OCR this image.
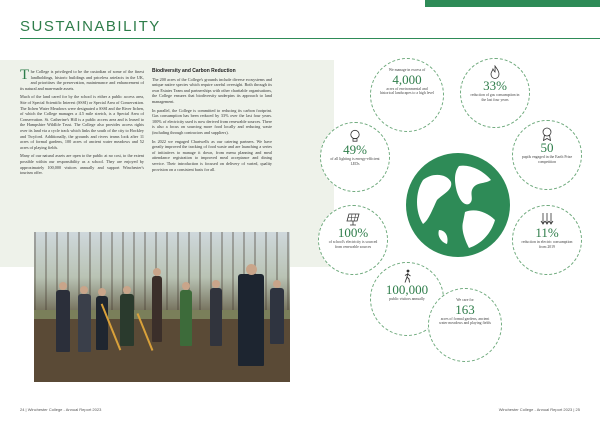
SUSTAINABILITY

The College is privileged to be the custodian of some of the finest landholdings, historic buildings and priceless artefacts in the UK, and prioritises the preservation, maintenance and enhancement of its natural and man-made assets.

Much of the land cared for by the school is either a public access area, Site of Special Scientific Interest (SSSI) or Special Area of Conservation. The Itchen Water Meadows were designated a SSSI and the River Itchen, of which the College manages a 4.5 mile stretch, is a Special Area of Conservation. St. Catherine's Hill is a public access area and is leased to the Hampshire Wildlife Trust. The College also provides access rights over its land via a cycle track which links the south of the city to Hockley and Twyford. Additionally, the grounds and rivers teams look after 11 acres of formal gardens, 100 acres of ancient water meadows and 52 acres of playing fields.

Many of our natural assets are open to the public at no cost, to the extent possible within our responsibility as a school. They are enjoyed by approximately 100,000 visitors annually and support Winchester's tourism offer.

Biodiversity and Carbon Reduction

The 200 acres of the College's grounds include diverse ecosystems and unique native species which require careful oversight. Both through its own Estates Team and partnerships with other charitable organisations, the College ensures that biodiversity underpins its approach to land management.

In parallel, the College is committed to reducing its carbon footprint. Gas consumption has been reduced by 33% over the last four years. 100% of electricity used is now derived from renewable sources. There is also a focus on sourcing more food locally and reducing waste (including through contractors and suppliers).

In 2022 we engaged Chartwells as our catering partners. We have greatly improved the tracking of food waste and are launching a series of initiatives to manage it down, from menu planning and meal attendance registration to improved meal acceptance and dining service. Their introduction is focused on delivery of varied, quality provision on a consistent basis for all.

24 | Winchester College - Annual Report 2023	Winchester College - Annual Report 2023 | 25
We manage in excess of
4,000
acres of environmental and historical landscapes to a high level
33%
reduction of gas consumption in the last four years
49%
of all lighting is energy-efficient LEDs
50
pupils engaged in the Earth Prize competition
100%
of school's electricity is sourced from renewable sources
11%
reduction in electric consumption from 2019
100,000
public visitors annually	We care for
163
acres of formal gardens, ancient water meadows and playing fields
